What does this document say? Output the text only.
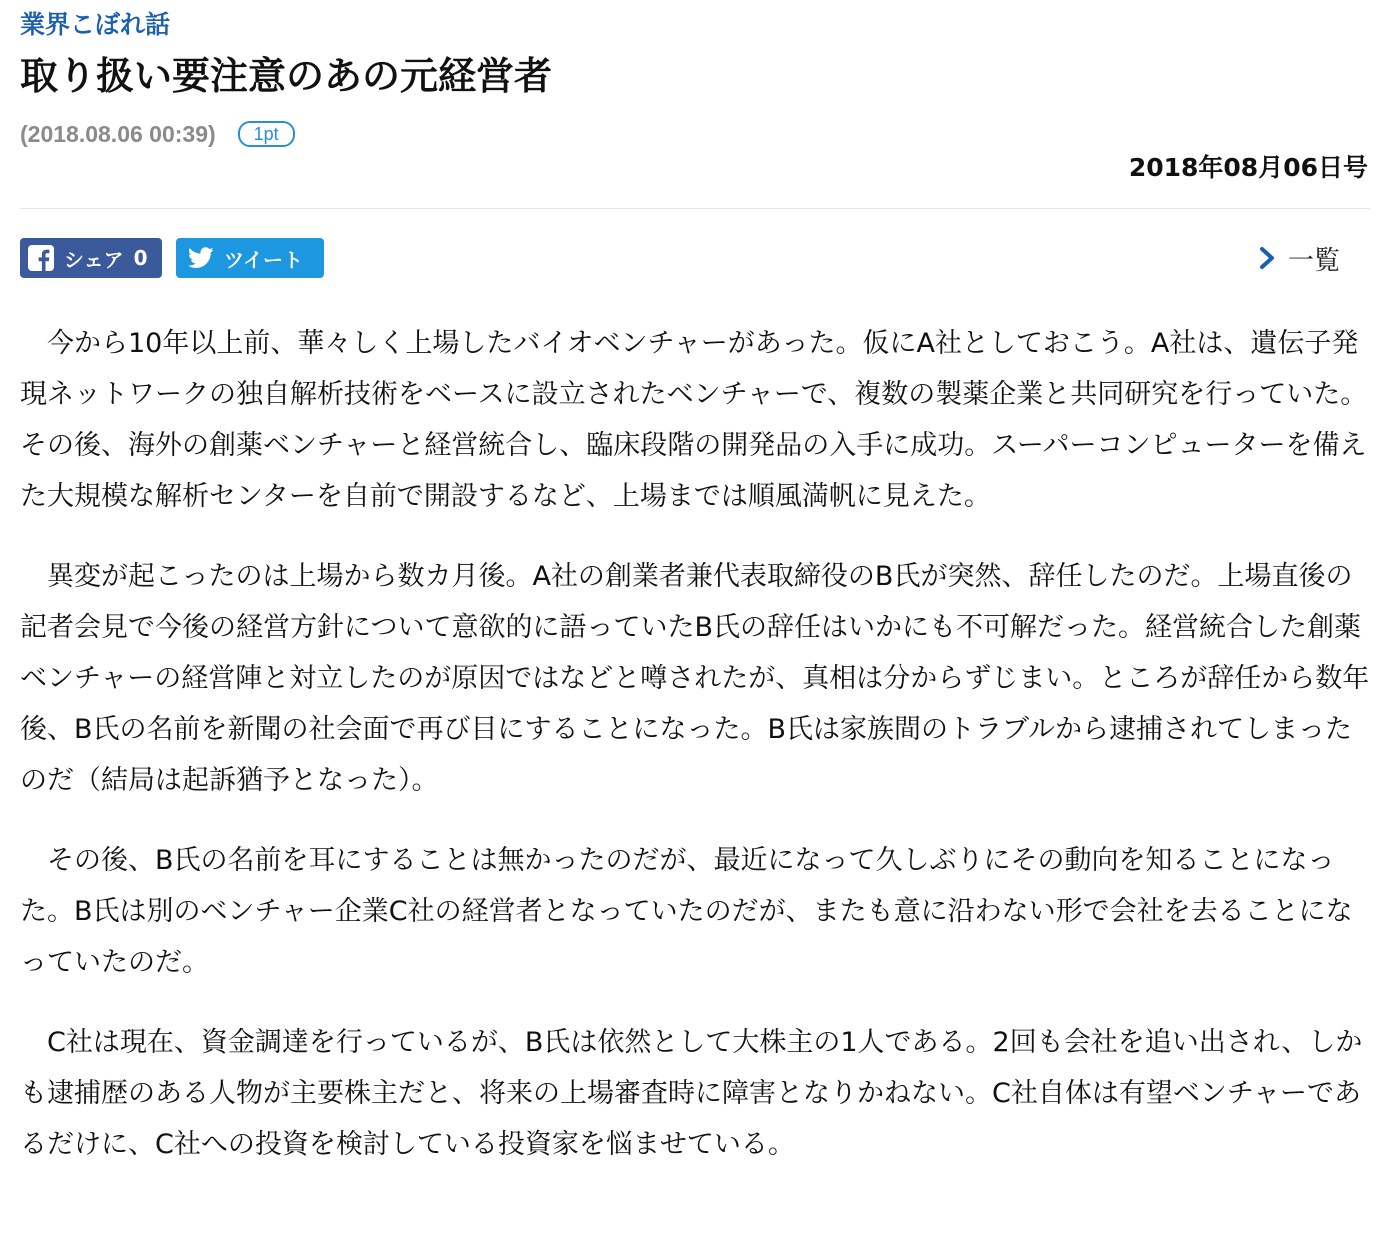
業界こぼれ話
取り扱い要注意のあの元経営者
(2018.08.06 00:39)	1pt
2018年08月06日号
シェア 0	ツイート	一覧

今から10年以上前、華々しく上場したバイオベンチャーがあった。仮にA社としておこう。A社は、遺伝子発現ネットワークの独自解析技術をベースに設立されたベンチャーで、複数の製薬企業と共同研究を行っていた。その後、海外の創薬ベンチャーと経営統合し、臨床段階の開発品の入手に成功。スーパーコンピューターを備えた大規模な解析センターを自前で開設するなど、上場までは順風満帆に見えた。

異変が起こったのは上場から数カ月後。A社の創業者兼代表取締役のB氏が突然、辞任したのだ。上場直後の記者会見で今後の経営方針について意欲的に語っていたB氏の辞任はいかにも不可解だった。経営統合した創薬ベンチャーの経営陣と対立したのが原因ではなどと噂されたが、真相は分からずじまい。ところが辞任から数年後、B氏の名前を新聞の社会面で再び目にすることになった。B氏は家族間のトラブルから逮捕されてしまったのだ（結局は起訴猶予となった）。

その後、B氏の名前を耳にすることは無かったのだが、最近になって久しぶりにその動向を知ることになった。B氏は別のベンチャー企業C社の経営者となっていたのだが、またも意に沿わない形で会社を去ることになっていたのだ。

C社は現在、資金調達を行っているが、B氏は依然として大株主の1人である。2回も会社を追い出され、しかも逮捕歴のある人物が主要株主だと、将来の上場審査時に障害となりかねない。C社自体は有望ベンチャーであるだけに、C社への投資を検討している投資家を悩ませている。
